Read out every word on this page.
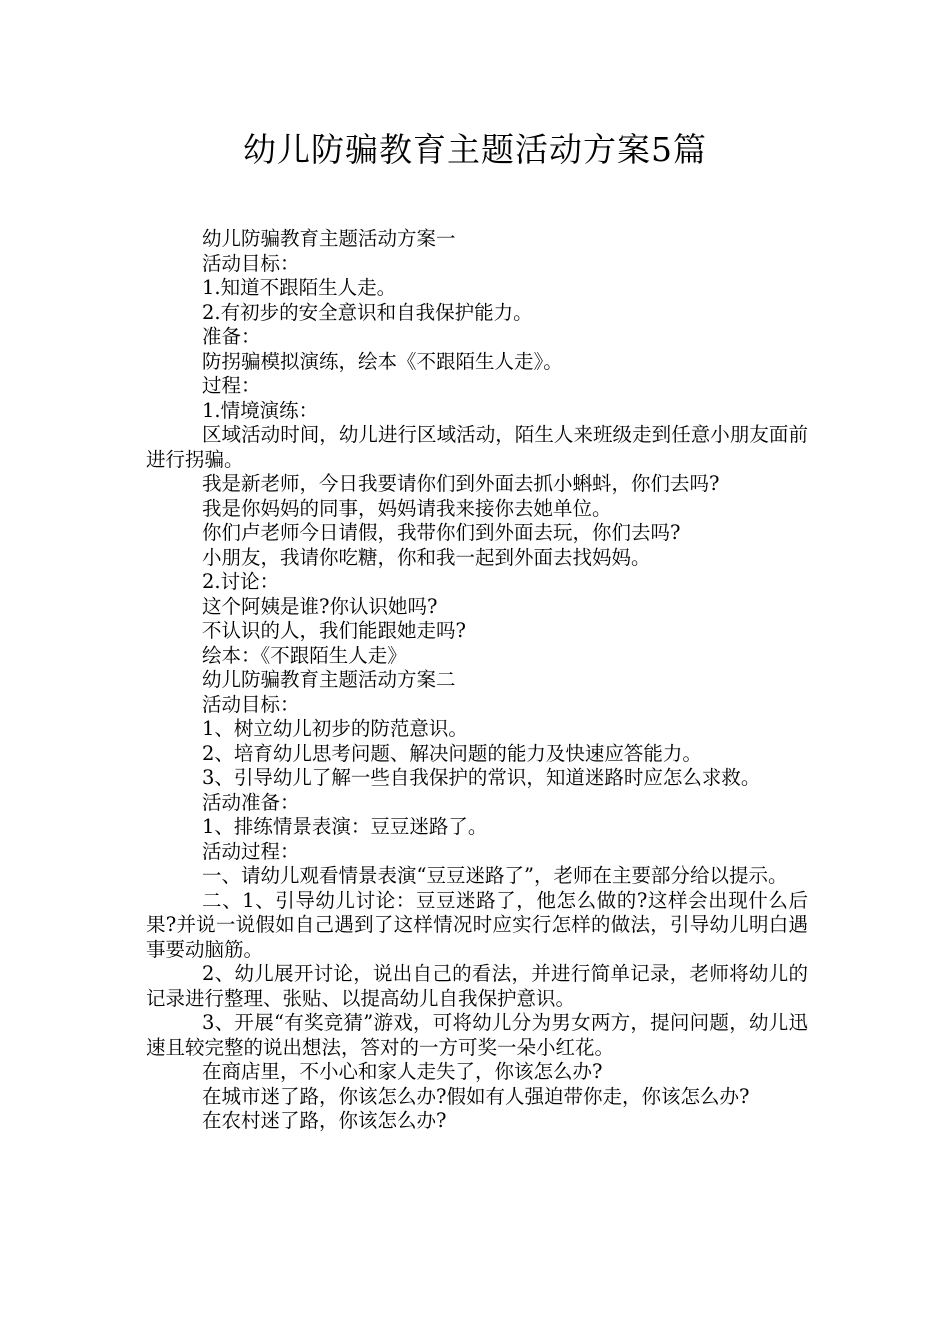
幼儿防骗教育主题活动方案5篇

幼儿防骗教育主题活动方案一

活动目标：

1.知道不跟陌生人走。

2.有初步的安全意识和自我保护能力。

准备：

防拐骗模拟演练，绘本《不跟陌生人走》。

过程：

1.情境演练：

区域活动时间，幼儿进行区域活动，陌生人来班级走到任意小朋友面前进行拐骗。

我是新老师，今日我要请你们到外面去抓小蝌蚪，你们去吗?

我是你妈妈的同事，妈妈请我来接你去她单位。

你们卢老师今日请假，我带你们到外面去玩，你们去吗?

小朋友，我请你吃糖，你和我一起到外面去找妈妈。

2.讨论：

这个阿姨是谁?你认识她吗?

不认识的人，我们能跟她走吗?

绘本：《不跟陌生人走》

幼儿防骗教育主题活动方案二

活动目标：

1、树立幼儿初步的防范意识。

2、培育幼儿思考问题、解决问题的能力及快速应答能力。

3、引导幼儿了解一些自我保护的常识，知道迷路时应怎么求救。

活动准备：

1、排练情景表演：豆豆迷路了。

活动过程：

一、请幼儿观看情景表演“豆豆迷路了”，老师在主要部分给以提示。

二、1、引导幼儿讨论：豆豆迷路了，他怎么做的?这样会出现什么后果?并说一说假如自己遇到了这样情况时应实行怎样的做法，引导幼儿明白遇事要动脑筋。

2、幼儿展开讨论，说出自己的看法，并进行简单记录，老师将幼儿的记录进行整理、张贴、以提高幼儿自我保护意识。

3、开展“有奖竞猜”游戏，可将幼儿分为男女两方，提问问题，幼儿迅速且较完整的说出想法，答对的一方可奖一朵小红花。

在商店里，不小心和家人走失了，你该怎么办?

在城市迷了路，你该怎么办?假如有人强迫带你走，你该怎么办?

在农村迷了路，你该怎么办?
